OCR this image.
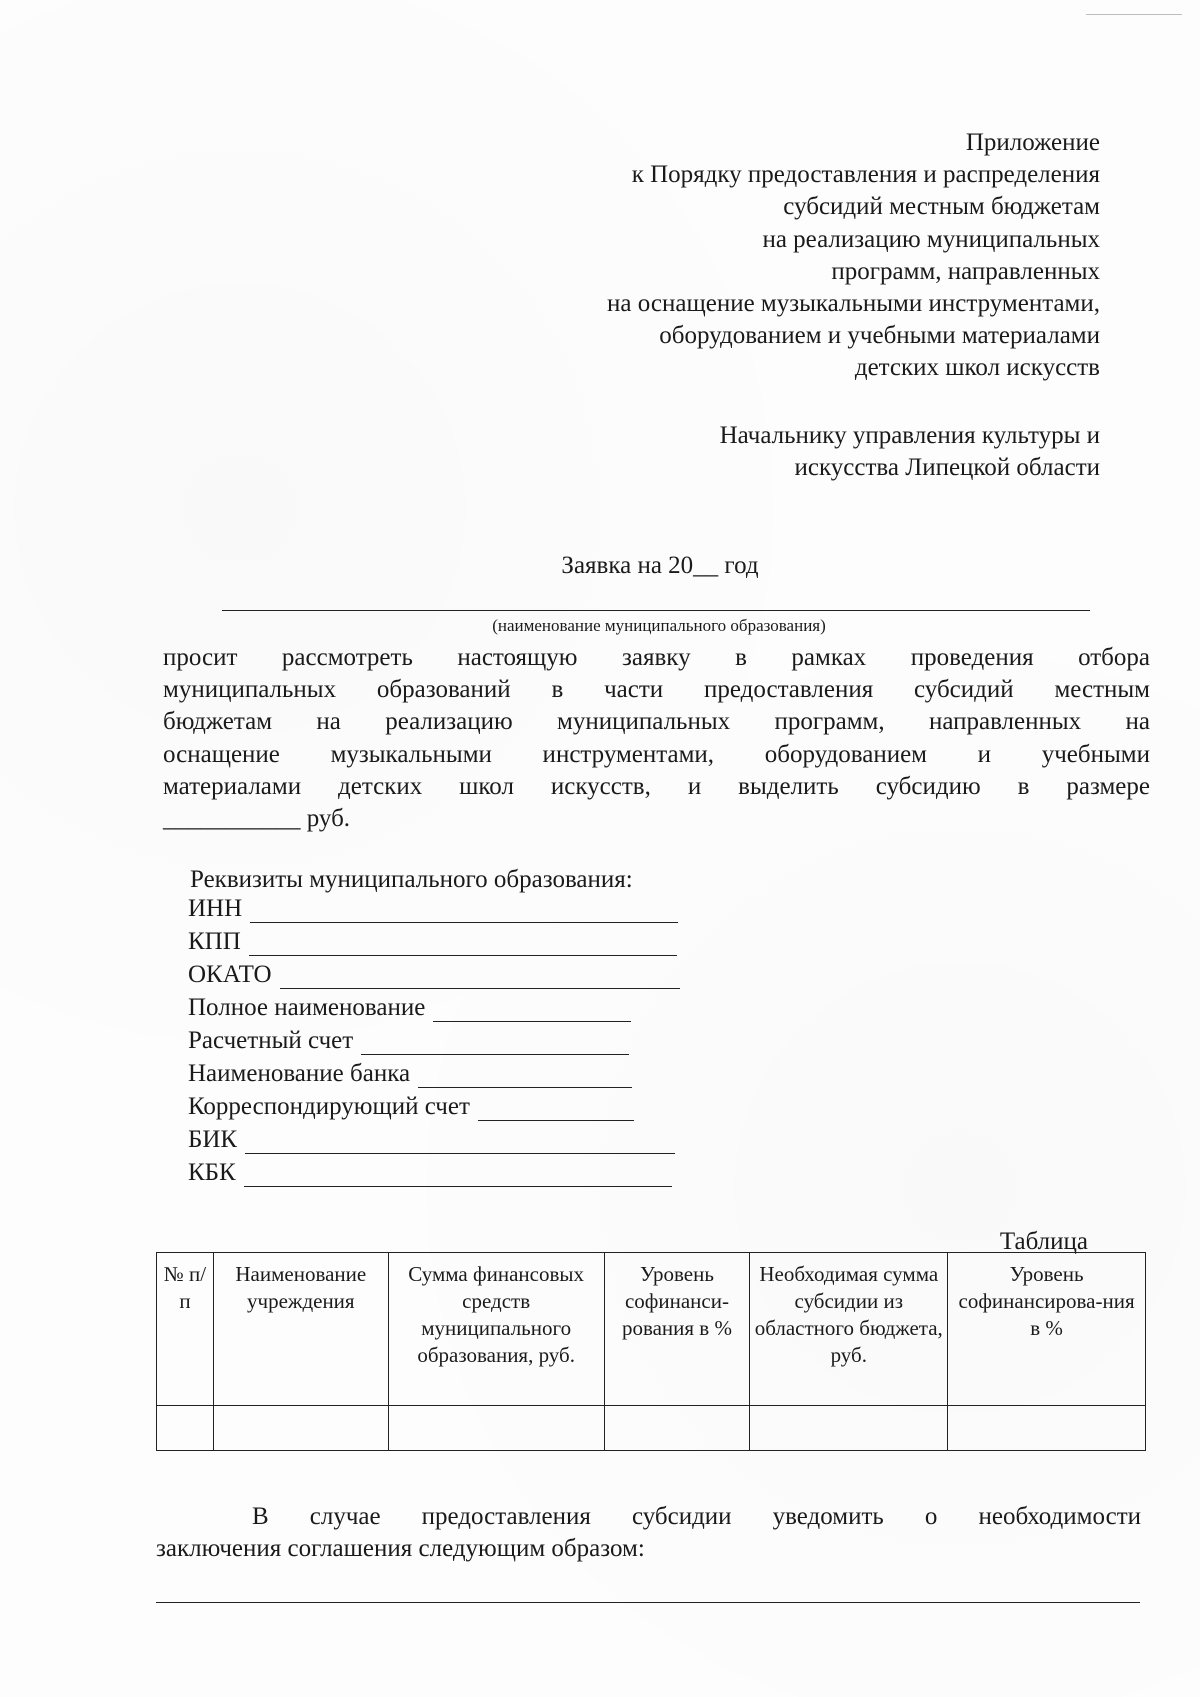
Приложение
к Порядку предоставления и распределения
субсидий местным бюджетам
на реализацию муниципальных
программ, направленных
на оснащение музыкальными инструментами,
оборудованием и учебными материалами
детских школ искусств
Начальнику управления культуры и
искусства Липецкой области
Заявка на 20__ год
(наименование муниципального образования)
просит рассмотреть настоящую заявку в рамках проведения отбора
муниципальных образований в части предоставления субсидий местным
бюджетам на реализацию муниципальных программ, направленных на
оснащение музыкальными инструментами, оборудованием и учебными
материалами детских школ искусств, и выделить субсидию в размере
___________ руб.
Реквизиты муниципального образования:
ИНН
КПП
ОКАТО
Полное наименование
Расчетный счет
Наименование банка
Корреспондирующий счет
БИК
КБК
Таблица
№ п/п	Наименование учреждения	Сумма финансовых средств муниципального образования, руб.	Уровень софинанси-рования в %	Необходимая сумма субсидии из областного бюджета, руб.	Уровень софинансирова-ния в %

В случае предоставления субсидии уведомить о необходимости
заключения соглашения следующим образом:
